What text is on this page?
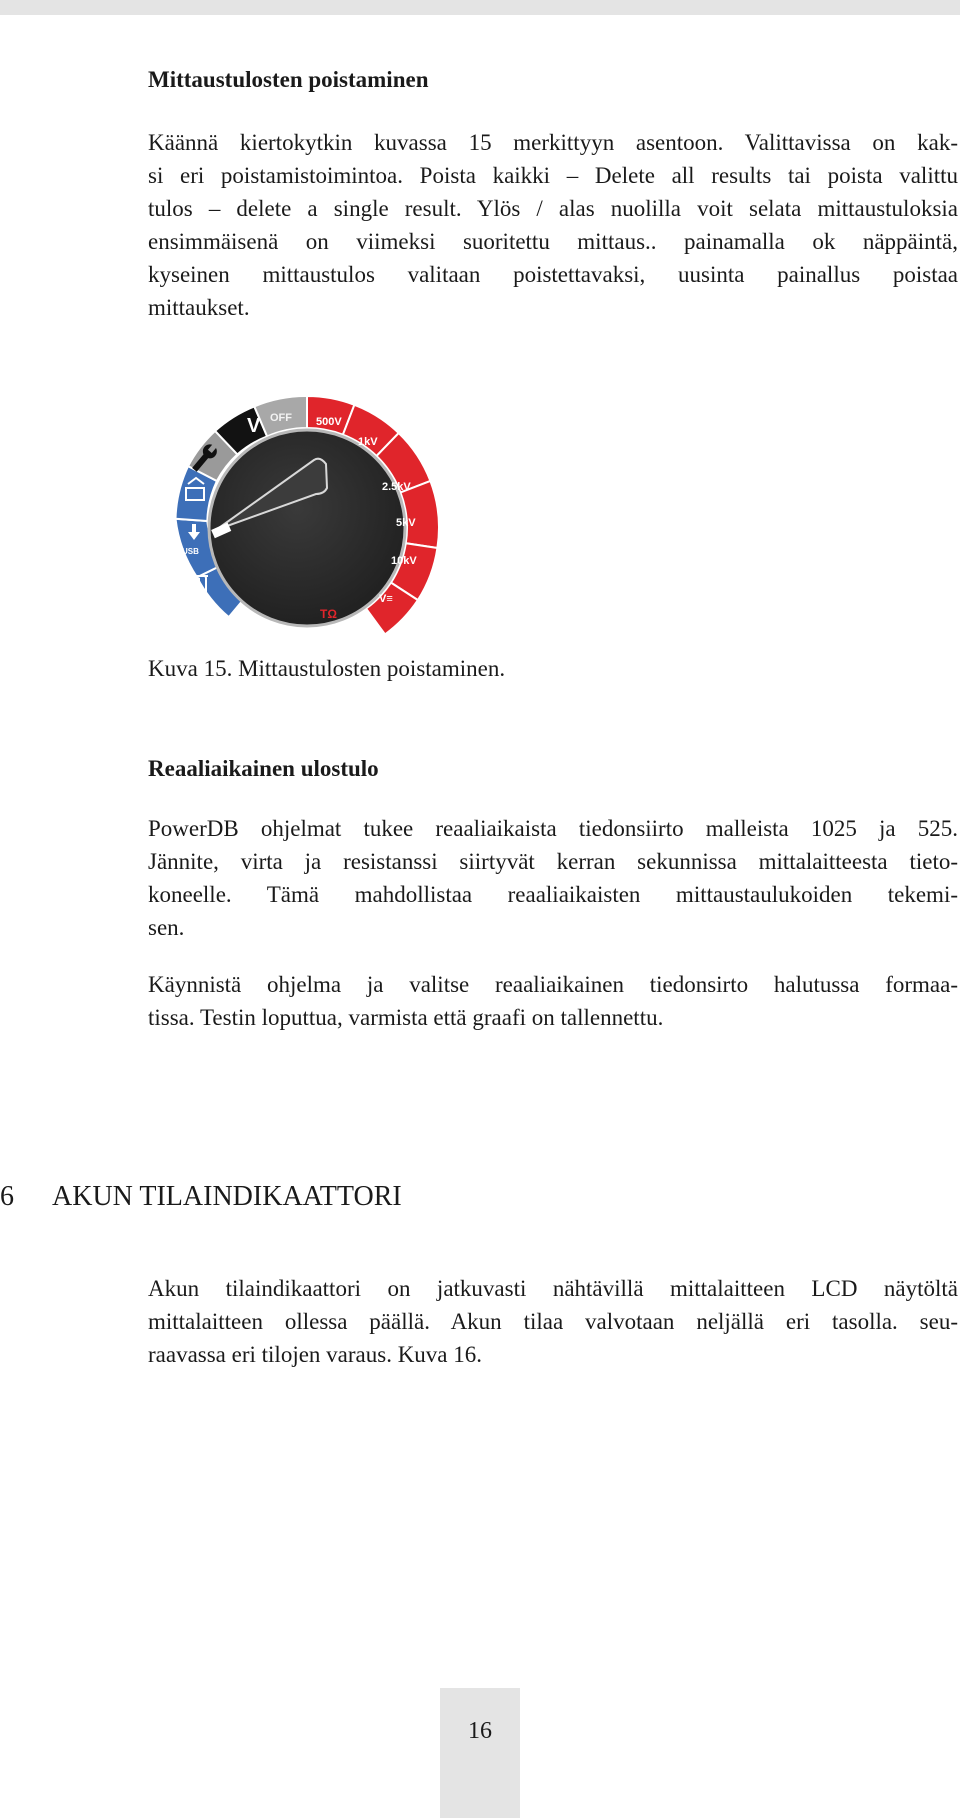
Mittaustulosten poistaminen

Käännä kiertokytkin kuvassa 15 merkittyyn asentoon. Valittavissa on kak-
si eri poistamistoimintoa. Poista kaikki – Delete all results tai poista valittu
tulos – delete a single result. Ylös / alas nuolilla voit selata mittaustuloksia
ensimmäisenä on viimeksi suoritettu mittaus.. painamalla ok näppäintä,
kyseinen mittaustulos valitaan poistettavaksi, uusinta painallus poistaa
mittaukset.

V OFF 500V
1kV
2.5kV
5kV
10kV
V≡
USB
TΩ

Kuva 15. Mittaustulosten poistaminen.

Reaaliaikainen ulostulo

PowerDB ohjelmat tukee reaaliaikaista tiedonsiirto malleista 1025 ja 525.
Jännite, virta ja resistanssi siirtyvät kerran sekunnissa mittalaitteesta tieto-
koneelle. Tämä mahdollistaa reaaliaikaisten mittaustaulukoiden tekemi-
sen.

Käynnistä ohjelma ja valitse reaaliaikainen tiedonsirto halutussa formaa-
tissa. Testin loputtua, varmista että graafi on tallennettu.

6 AKUN TILAINDIKAATTORI

Akun tilaindikaattori on jatkuvasti nähtävillä mittalaitteen LCD näytöltä
mittalaitteen ollessa päällä. Akun tilaa valvotaan neljällä eri tasolla. seu-
raavassa eri tilojen varaus. Kuva 16.

16
